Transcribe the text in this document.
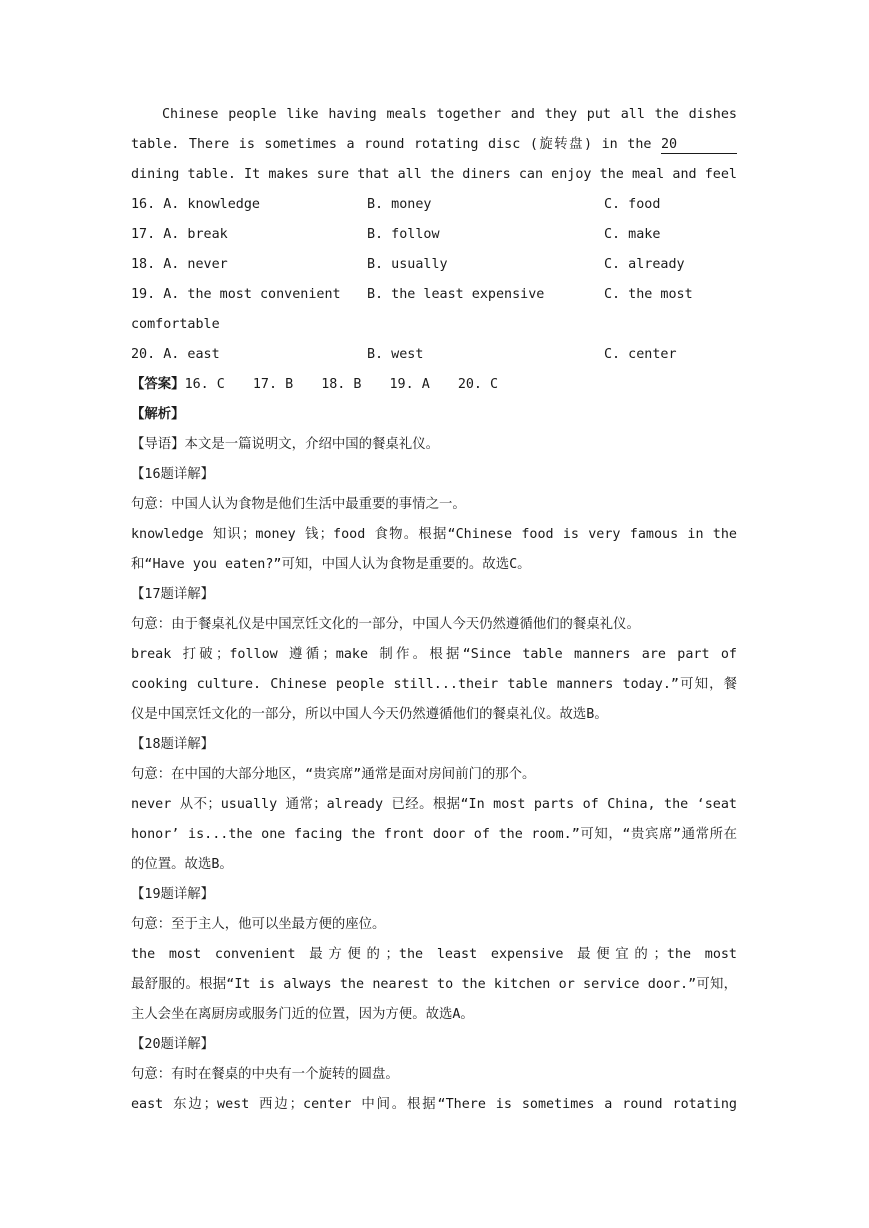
Chinese people like having meals together and they put all the dishes
table. There is sometimes a round rotating disc (旋转盘) in the 20
dining table. It makes sure that all the diners can enjoy the meal and feel
16. A. knowledge	B. money	C. food
17. A. break	B. follow	C. make
18. A. never	B. usually	C. already
19. A. the most convenient	B. the least expensive	C. the most
comfortable
20. A. east	B. west	C. center
【答案】16. C 17. B 18. B 19. A 20. C
【解析】
【导语】本文是一篇说明文，介绍中国的餐桌礼仪。
【16题详解】
句意：中国人认为食物是他们生活中最重要的事情之一。
knowledge 知识；money 钱；food 食物。根据“Chinese food is very famous in the
和“Have you eaten?”可知，中国人认为食物是重要的。故选C。
【17题详解】
句意：由于餐桌礼仪是中国烹饪文化的一部分，中国人今天仍然遵循他们的餐桌礼仪。
break 打破；follow 遵循；make 制作。根据“Since table manners are part of
cooking culture. Chinese people still...their table manners today.”可知，餐
仪是中国烹饪文化的一部分，所以中国人今天仍然遵循他们的餐桌礼仪。故选B。
【18题详解】
句意：在中国的大部分地区，“贵宾席”通常是面对房间前门的那个。
never 从不；usually 通常；already 已经。根据“In most parts of China, the ‘seat
honor’ is...the one facing the front door of the room.”可知，“贵宾席”通常所在
的位置。故选B。
【19题详解】
句意：至于主人，他可以坐最方便的座位。
the most convenient 最方便的；the least expensive 最便宜的；the most
最舒服的。根据“It is always the nearest to the kitchen or service door.”可知，
主人会坐在离厨房或服务门近的位置，因为方便。故选A。
【20题详解】
句意：有时在餐桌的中央有一个旋转的圆盘。
east 东边；west 西边；center 中间。根据“There is sometimes a round rotating
